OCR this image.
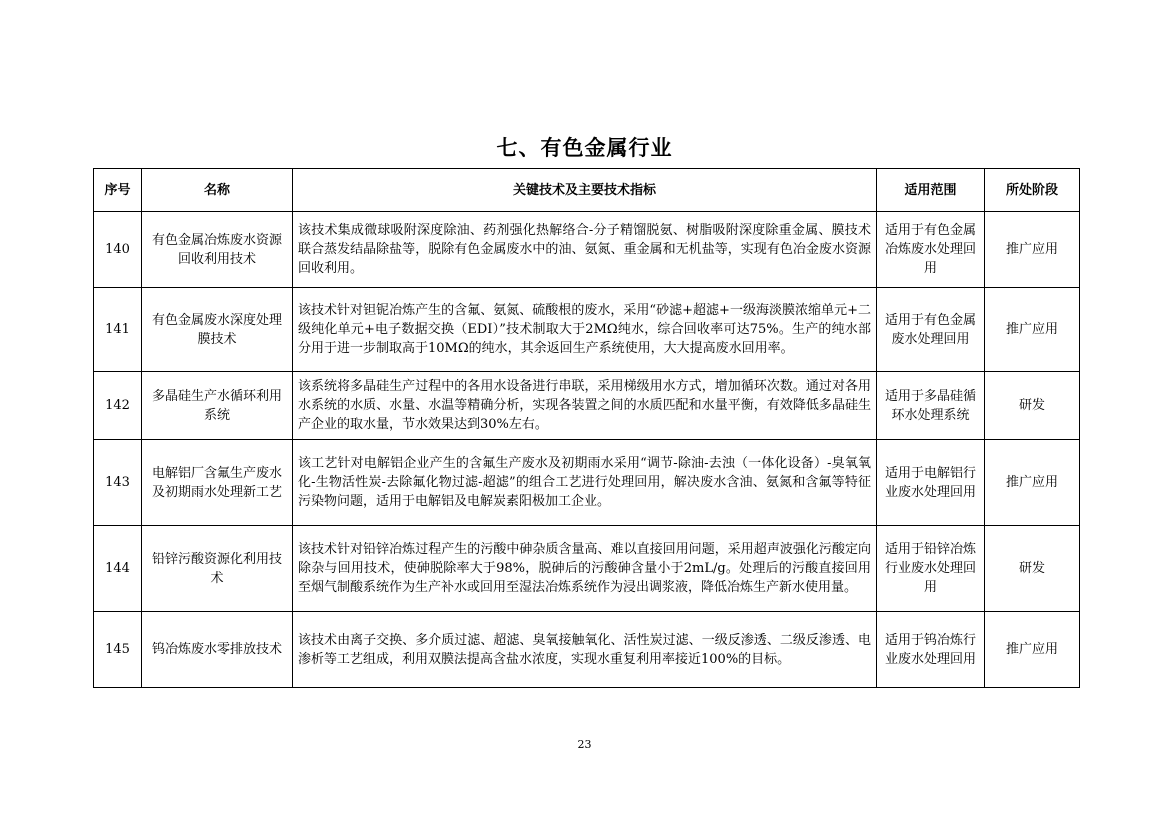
七、有色金属行业
序号	名称	关键技术及主要技术指标	适用范围	所处阶段
140	有色金属冶炼废水资源回收利用技术	该技术集成微球吸附深度除油、药剂强化热解络合-分子精馏脱氨、树脂吸附深度除重金属、膜技术联合蒸发结晶除盐等，脱除有色金属废水中的油、氨氮、重金属和无机盐等，实现有色冶金废水资源回收利用。	适用于有色金属冶炼废水处理回用	推广应用
141	有色金属废水深度处理膜技术	该技术针对钽铌冶炼产生的含氟、氨氮、硫酸根的废水，采用“砂滤+超滤+一级海淡膜浓缩单元+二级纯化单元+电子数据交换（EDI）”技术制取大于2MΩ纯水，综合回收率可达75%。生产的纯水部分用于进一步制取高于10MΩ的纯水，其余返回生产系统使用，大大提高废水回用率。	适用于有色金属废水处理回用	推广应用
142	多晶硅生产水循环利用系统	该系统将多晶硅生产过程中的各用水设备进行串联，采用梯级用水方式，增加循环次数。通过对各用水系统的水质、水量、水温等精确分析，实现各装置之间的水质匹配和水量平衡，有效降低多晶硅生产企业的取水量，节水效果达到30%左右。	适用于多晶硅循环水处理系统	研发
143	电解铝厂含氟生产废水及初期雨水处理新工艺	该工艺针对电解铝企业产生的含氟生产废水及初期雨水采用“调节-除油-去浊（一体化设备）-臭氧氧化-生物活性炭-去除氟化物过滤-超滤”的组合工艺进行处理回用，解决废水含油、氨氮和含氟等特征污染物问题，适用于电解铝及电解炭素阳极加工企业。	适用于电解铝行业废水处理回用	推广应用
144	铅锌污酸资源化利用技术	该技术针对铅锌冶炼过程产生的污酸中砷杂质含量高、难以直接回用问题，采用超声波强化污酸定向除杂与回用技术，使砷脱除率大于98%，脱砷后的污酸砷含量小于2mL/g。处理后的污酸直接回用至烟气制酸系统作为生产补水或回用至湿法冶炼系统作为浸出调浆液，降低冶炼生产新水使用量。	适用于铅锌冶炼行业废水处理回用	研发
145	钨冶炼废水零排放技术	该技术由离子交换、多介质过滤、超滤、臭氧接触氧化、活性炭过滤、一级反渗透、二级反渗透、电渗析等工艺组成，利用双膜法提高含盐水浓度，实现水重复利用率接近100%的目标。	适用于钨冶炼行业废水处理回用	推广应用
23
